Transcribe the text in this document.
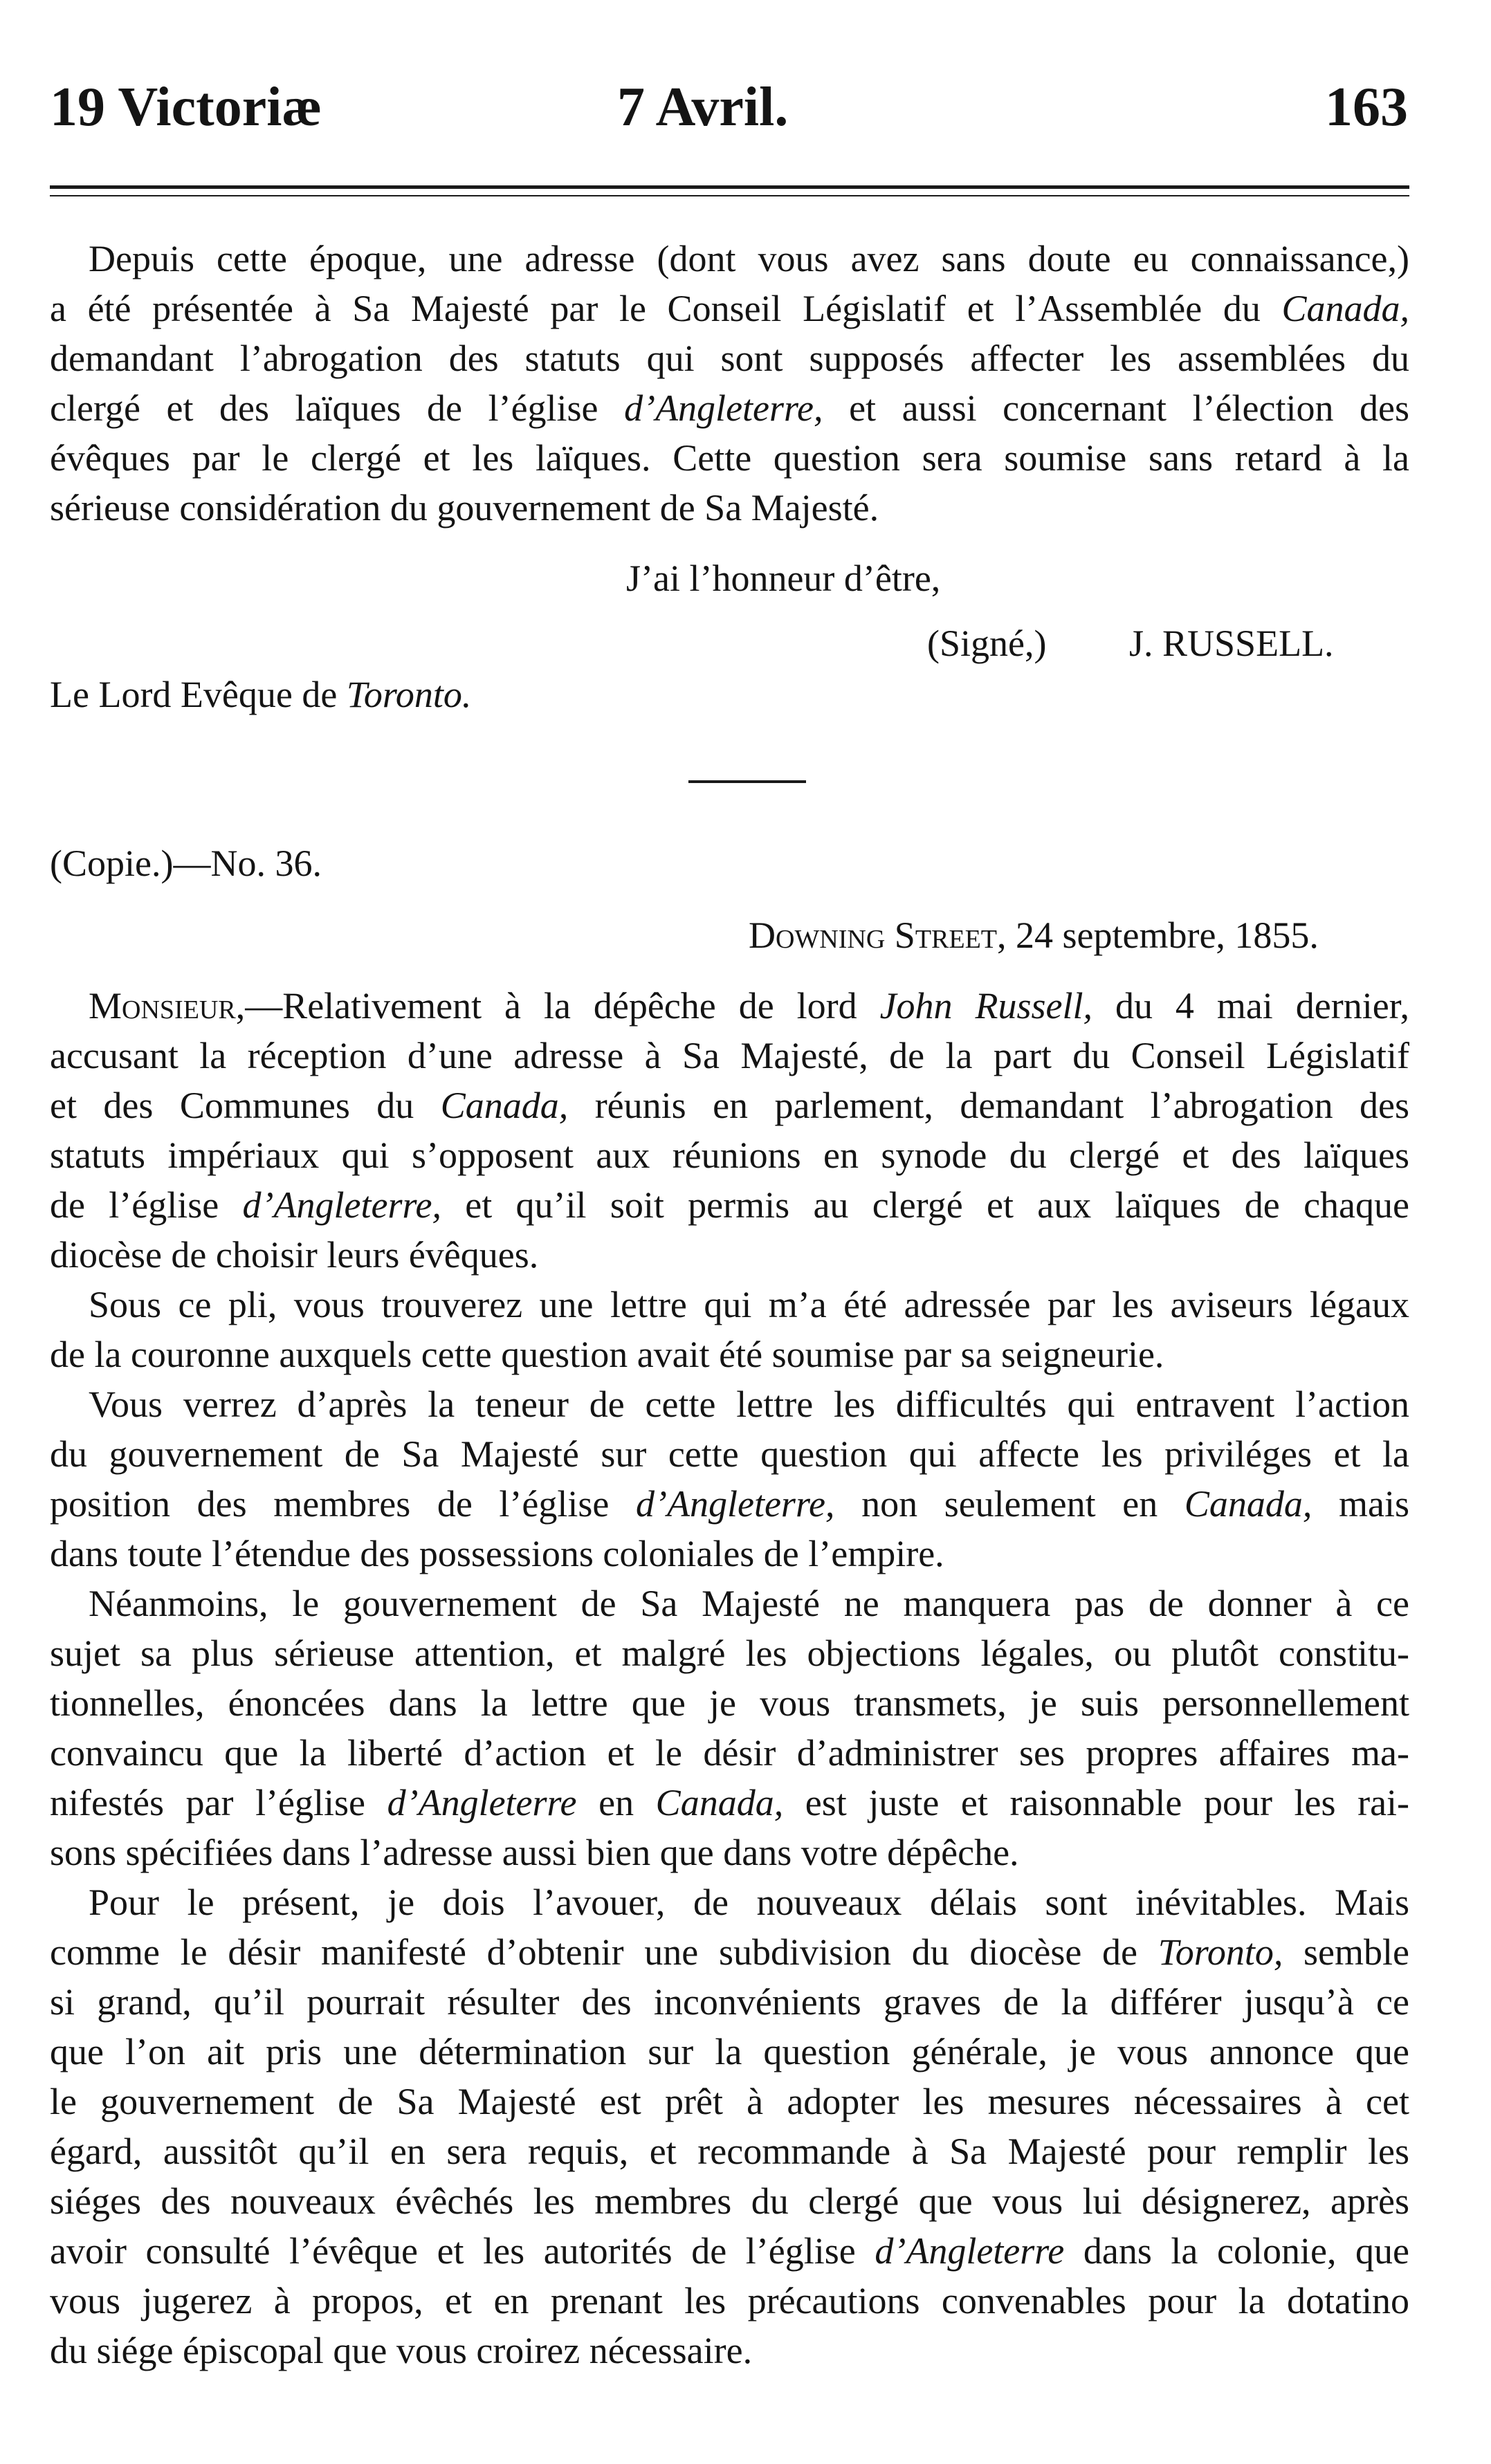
19 Victoriæ	7 Avril.	163
Depuis cette époque, une adresse (dont vous avez sans doute eu connaissance,)
a été présentée à Sa Majesté par le Conseil Législatif et l’Assemblée du Canada,
demandant l’abrogation des statuts qui sont supposés affecter les assemblées du
clergé et des laïques de l’église d’Angleterre, et aussi concernant l’élection des
évêques par le clergé et les laïques. Cette question sera soumise sans retard à la
sérieuse considération du gouvernement de Sa Majesté.
J’ai l’honneur d’être,
(Signé,) J. RUSSELL.
Le Lord Evêque de Toronto.
(Copie.)—No. 36.
Downing Street, 24 septembre, 1855.
Monsieur,—Relativement à la dépêche de lord John Russell, du 4 mai dernier,
accusant la réception d’une adresse à Sa Majesté, de la part du Conseil Législatif
et des Communes du Canada, réunis en parlement, demandant l’abrogation des
statuts impériaux qui s’opposent aux réunions en synode du clergé et des laïques
de l’église d’Angleterre, et qu’il soit permis au clergé et aux laïques de chaque
diocèse de choisir leurs évêques.
Sous ce pli, vous trouverez une lettre qui m’a été adressée par les aviseurs légaux
de la couronne auxquels cette question avait été soumise par sa seigneurie.
Vous verrez d’après la teneur de cette lettre les difficultés qui entravent l’action
du gouvernement de Sa Majesté sur cette question qui affecte les priviléges et la
position des membres de l’église d’Angleterre, non seulement en Canada, mais
dans toute l’étendue des possessions coloniales de l’empire.
Néanmoins, le gouvernement de Sa Majesté ne manquera pas de donner à ce
sujet sa plus sérieuse attention, et malgré les objections légales, ou plutôt constitu-
tionnelles, énoncées dans la lettre que je vous transmets, je suis personnellement
convaincu que la liberté d’action et le désir d’administrer ses propres affaires ma-
nifestés par l’église d’Angleterre en Canada, est juste et raisonnable pour les rai-
sons spécifiées dans l’adresse aussi bien que dans votre dépêche.
Pour le présent, je dois l’avouer, de nouveaux délais sont inévitables. Mais
comme le désir manifesté d’obtenir une subdivision du diocèse de Toronto, semble
si grand, qu’il pourrait résulter des inconvénients graves de la différer jusqu’à ce
que l’on ait pris une détermination sur la question générale, je vous annonce que
le gouvernement de Sa Majesté est prêt à adopter les mesures nécessaires à cet
égard, aussitôt qu’il en sera requis, et recommande à Sa Majesté pour remplir les
siéges des nouveaux évêchés les membres du clergé que vous lui désignerez, après
avoir consulté l’évêque et les autorités de l’église d’Angleterre dans la colonie, que
vous jugerez à propos, et en prenant les précautions convenables pour la dotatino
du siége épiscopal que vous croirez nécessaire.
